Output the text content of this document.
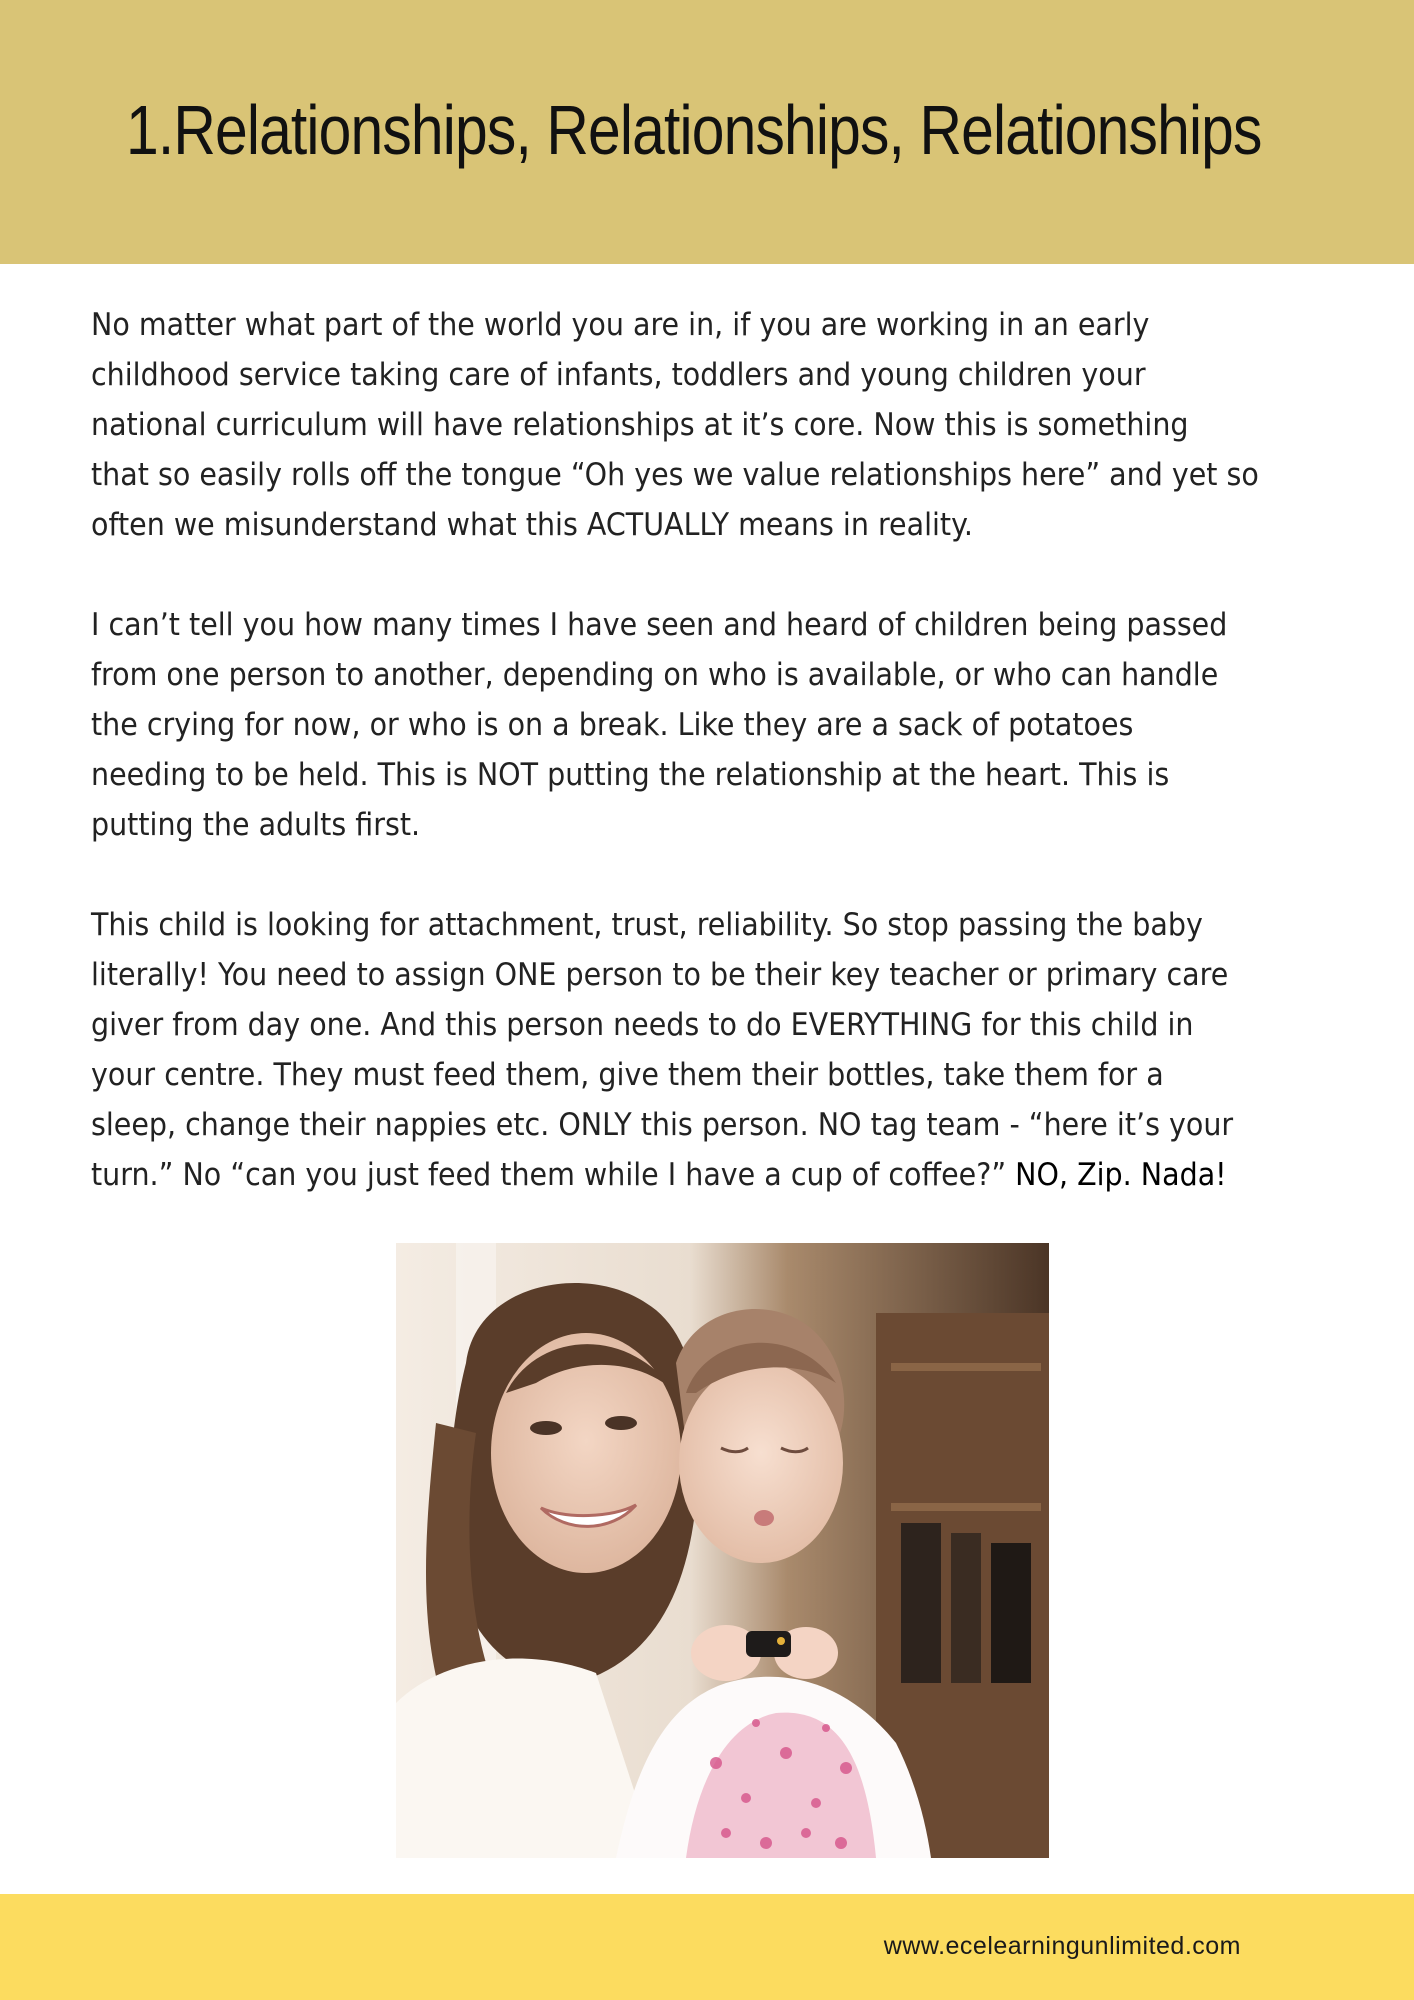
1.Relationships, Relationships, Relationships

No matter what part of the world you are in, if you are working in an early
childhood service taking care of infants, toddlers and young children your
national curriculum will have relationships at it’s core. Now this is something
that so easily rolls off the tongue “Oh yes we value relationships here” and yet so
often we misunderstand what this ACTUALLY means in reality.

I can’t tell you how many times I have seen and heard of children being passed
from one person to another, depending on who is available, or who can handle
the crying for now, or who is on a break. Like they are a sack of potatoes
needing to be held. This is NOT putting the relationship at the heart. This is
putting the adults first.

This child is looking for attachment, trust, reliability. So stop passing the baby
literally! You need to assign ONE person to be their key teacher or primary care
giver from day one. And this person needs to do EVERYTHING for this child in
your centre. They must feed them, give them their bottles, take them for a
sleep, change their nappies etc. ONLY this person. NO tag team - “here it’s your
turn.” No “can you just feed them while I have a cup of coffee?” NO, Zip. Nada!

www.ecelearningunlimited.com
